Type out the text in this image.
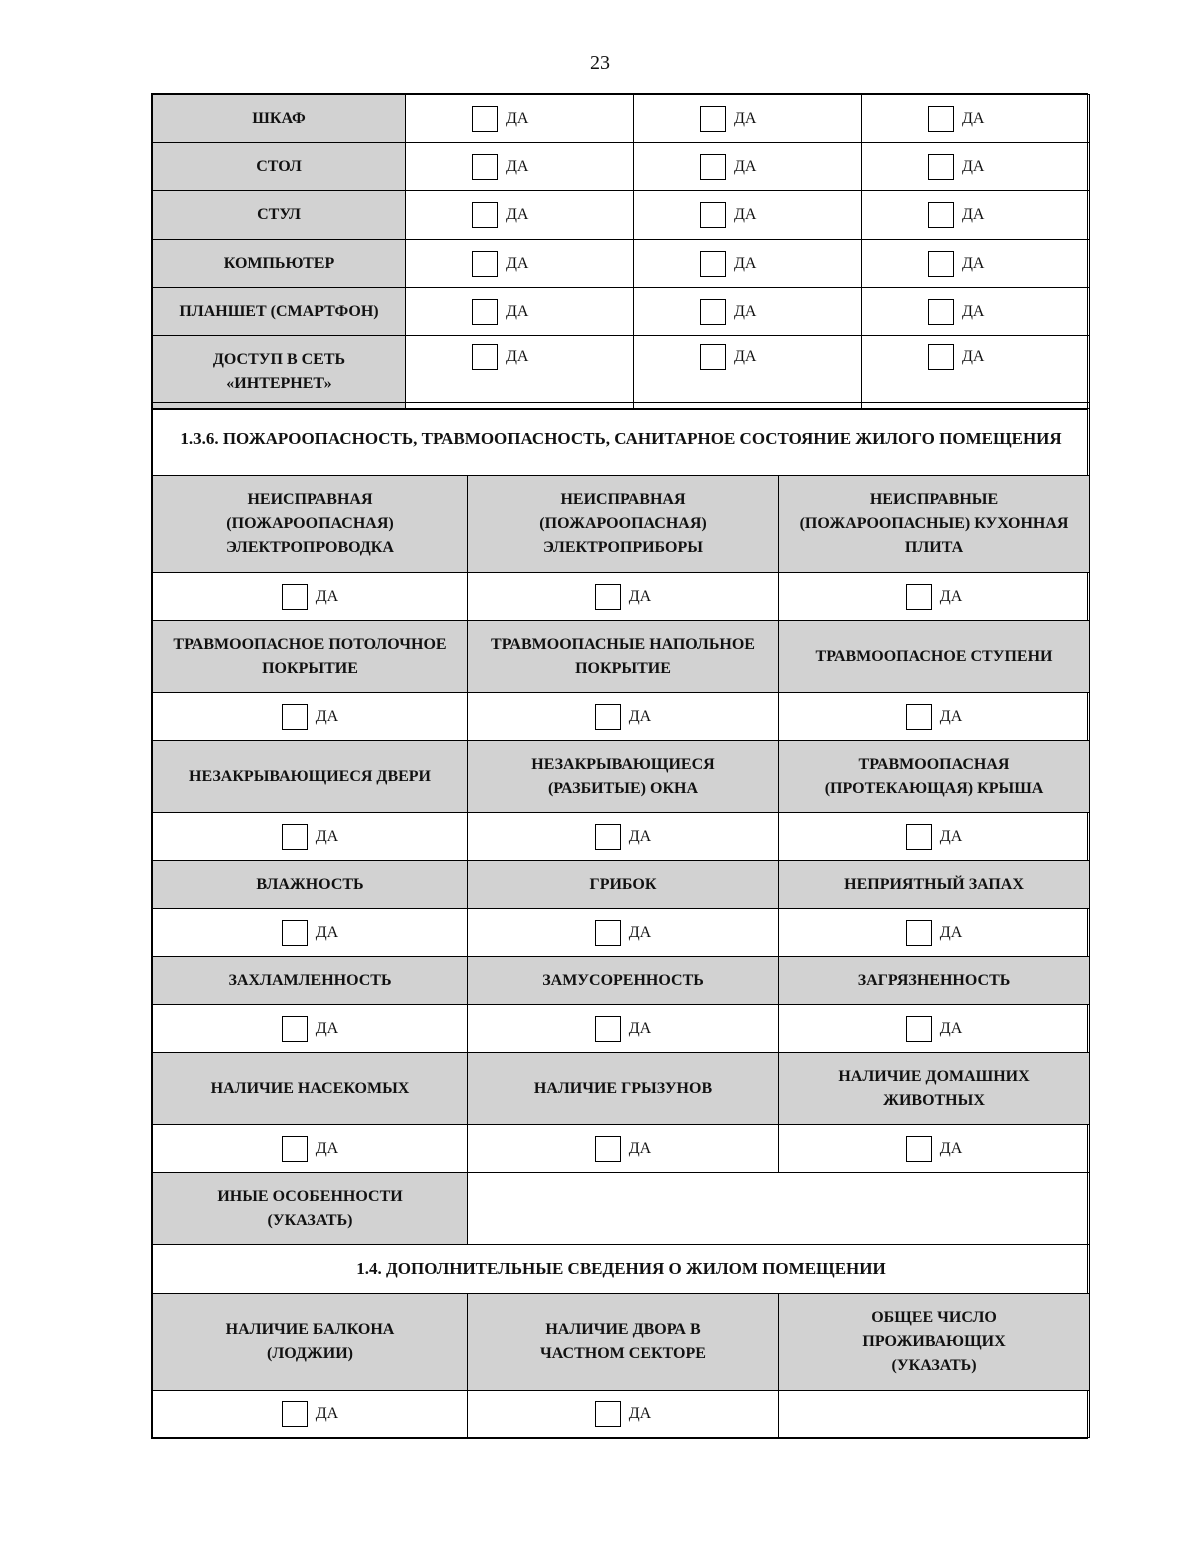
23
ШКАФ	ДА	ДА	ДА
СТОЛ	ДА	ДА	ДА
СТУЛ	ДА	ДА	ДА
КОМПЬЮТЕР	ДА	ДА	ДА
ПЛАНШЕТ (СМАРТФОН)	ДА	ДА	ДА
ДОСТУП В СЕТЬ «ИНТЕРНЕТ»	ДА	ДА	ДА
1.3.6. ПОЖАРООПАСНОСТЬ, ТРАВМООПАСНОСТЬ, САНИТАРНОЕ СОСТОЯНИЕ ЖИЛОГО ПОМЕЩЕНИЯ		
НЕИСПРАВНАЯ (ПОЖАРООПАСНАЯ) ЭЛЕКТРОПРОВОДКА	НЕИСПРАВНАЯ (ПОЖАРООПАСНАЯ) ЭЛЕКТРОПРИБОРЫ	НЕИСПРАВНЫЕ (ПОЖАРООПАСНЫЕ) КУХОННАЯ ПЛИТА
ДА	ДА	ДА
ТРАВМООПАСНОЕ ПОТОЛОЧНОЕ ПОКРЫТИЕ	ТРАВМООПАСНЫЕ НАПОЛЬНОЕ ПОКРЫТИЕ	ТРАВМООПАСНОЕ СТУПЕНИ
ДА	ДА	ДА
НЕЗАКРЫВАЮЩИЕСЯ ДВЕРИ	НЕЗАКРЫВАЮЩИЕСЯ (РАЗБИТЫЕ) ОКНА	ТРАВМООПАСНАЯ (ПРОТЕКАЮЩАЯ) КРЫША
ДА	ДА	ДА
ВЛАЖНОСТЬ	ГРИБОК	НЕПРИЯТНЫЙ ЗАПАХ
ДА	ДА	ДА
ЗАХЛАМЛЕННОСТЬ	ЗАМУСОРЕННОСТЬ	ЗАГРЯЗНЕННОСТЬ
ДА	ДА	ДА
НАЛИЧИЕ НАСЕКОМЫХ	НАЛИЧИЕ ГРЫЗУНОВ	НАЛИЧИЕ ДОМАШНИХ ЖИВОТНЫХ
ДА	ДА	ДА
ИНЫЕ ОСОБЕННОСТИ (УКАЗАТЬ)		
1.4. ДОПОЛНИТЕЛЬНЫЕ СВЕДЕНИЯ О ЖИЛОМ ПОМЕЩЕНИИ		
НАЛИЧИЕ БАЛКОНА (ЛОДЖИИ)	НАЛИЧИЕ ДВОРА В ЧАСТНОМ СЕКТОРЕ	ОБЩЕЕ ЧИСЛО ПРОЖИВАЮЩИХ (УКАЗАТЬ)
ДА	ДА	
